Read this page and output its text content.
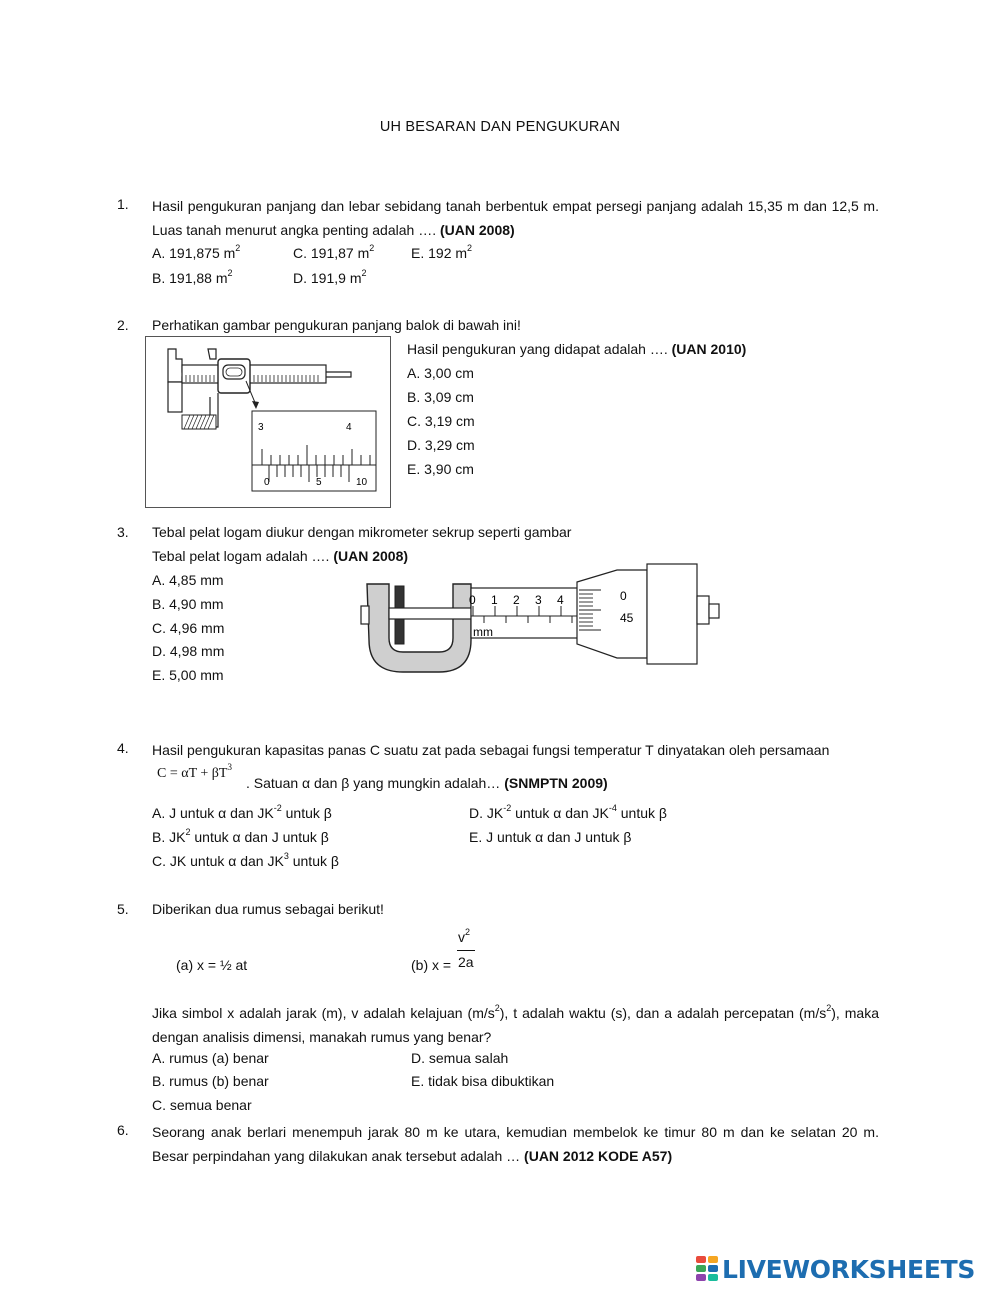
UH BESARAN DAN PENGUKURAN
1. Hasil pengukuran panjang dan lebar sebidang tanah berbentuk empat persegi panjang adalah 15,35 m dan 12,5 m. Luas tanah menurut angka penting adalah …. (UAN 2008)
A. 191,875 $m^2$	C. 191,87 $m^2$	E. 192 $m^2$
B. 191,88 $m^2$	D. 191,9 $m^2$
2. Perhatikan gambar pengukuran panjang balok di bawah ini!
3	4
0	5	10
Hasil pengukuran yang didapat adalah …. (UAN 2010)
A. 3,00 cm
B. 3,09 cm
C. 3,19 cm
D. 3,29 cm
E. 3,90 cm
3. Tebal pelat logam diukur dengan mikrometer sekrup seperti gambar
Tebal pelat logam adalah …. (UAN 2008)
A. 4,85 mm
B. 4,90 mm
C. 4,96 mm
D. 4,98 mm
E. 5,00 mm
0 1 2 3 4
mm
0
45
4. Hasil pengukuran kapasitas panas C suatu zat pada sebagai fungsi temperatur T dinyatakan oleh persamaan
$C = \alpha T + \beta T^3$
. Satuan α dan β yang mungkin adalah… (SNMPTN 2009)
A. J untuk α dan $JK^{-2}$ untuk β
B. $JK^2$ untuk α dan J untuk β
C. JK untuk α dan $JK^3$ untuk β
D. $JK^{-2}$ untuk α dan $JK^{-4}$ untuk β
E. J untuk α dan J untuk β
5. Diberikan dua rumus sebagai berikut!
(a) x = ½ at	(b) x =
$v^2$
2a
Jika simbol x adalah jarak (m), v adalah kelajuan $(m/s^2)$, t adalah waktu (s), dan a adalah percepatan $(m/s^2)$, maka dengan analisis dimensi, manakah rumus yang benar?
A. rumus (a) benar
B. rumus (b) benar
C. semua benar
D. semua salah
E. tidak bisa dibuktikan
6. Seorang anak berlari menempuh jarak 80 m ke utara, kemudian membelok ke timur 80 m dan ke selatan 20 m. Besar perpindahan yang dilakukan anak tersebut adalah … (UAN 2012 KODE A57)
LIVEWORKSHEETS
